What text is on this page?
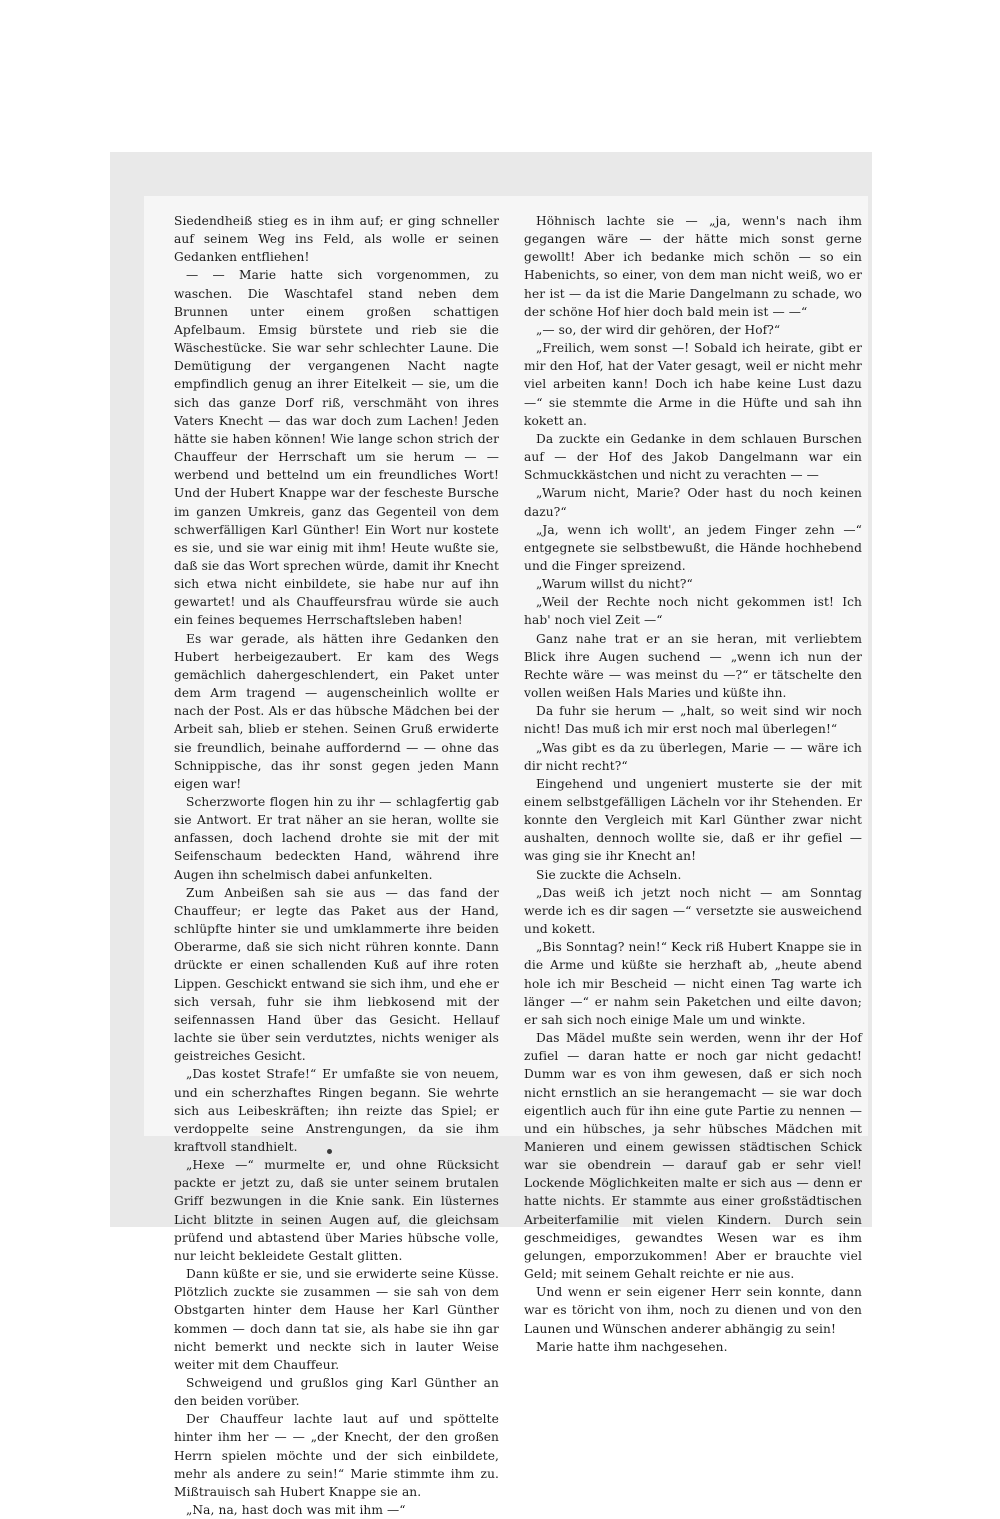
Siedendheiß stieg es in ihm auf; er ging schneller auf seinem Weg ins Feld, als wolle er seinen Gedanken entfliehen!

— — Marie hatte sich vorgenommen, zu waschen. Die Waschtafel stand neben dem Brunnen unter einem großen schattigen Apfelbaum. Emsig bürstete und rieb sie die Wäschestücke. Sie war sehr schlechter Laune. Die Demütigung der vergangenen Nacht nagte empfindlich genug an ihrer Eitelkeit — sie, um die sich das ganze Dorf riß, verschmäht von ihres Vaters Knecht — das war doch zum Lachen! Jeden hätte sie haben können! Wie lange schon strich der Chauffeur der Herrschaft um sie herum — — werbend und bettelnd um ein freundliches Wort! Und der Hubert Knappe war der fescheste Bursche im ganzen Umkreis, ganz das Gegenteil von dem schwerfälligen Karl Günther! Ein Wort nur kostete es sie, und sie war einig mit ihm! Heute wußte sie, daß sie das Wort sprechen würde, damit ihr Knecht sich etwa nicht einbildete, sie habe nur auf ihn gewartet! und als Chauffeursfrau würde sie auch ein feines bequemes Herrschaftsleben haben!

Es war gerade, als hätten ihre Gedanken den Hubert herbeigezaubert. Er kam des Wegs gemächlich dahergeschlendert, ein Paket unter dem Arm tragend — augenscheinlich wollte er nach der Post. Als er das hübsche Mädchen bei der Arbeit sah, blieb er stehen. Seinen Gruß erwiderte sie freundlich, beinahe auffordernd — — ohne das Schnippische, das ihr sonst gegen jeden Mann eigen war!

Scherzworte flogen hin zu ihr — schlagfertig gab sie Antwort. Er trat näher an sie heran, wollte sie anfassen, doch lachend drohte sie mit der mit Seifenschaum bedeckten Hand, während ihre Augen ihn schelmisch dabei anfunkelten.

Zum Anbeißen sah sie aus — das fand der Chauffeur; er legte das Paket aus der Hand, schlüpfte hinter sie und umklammerte ihre beiden Oberarme, daß sie sich nicht rühren konnte. Dann drückte er einen schallenden Kuß auf ihre roten Lippen. Geschickt entwand sie sich ihm, und ehe er sich versah, fuhr sie ihm liebkosend mit der seifennassen Hand über das Gesicht. Hellauf lachte sie über sein verdutztes, nichts weniger als geistreiches Gesicht.

„Das kostet Strafe!“ Er umfaßte sie von neuem, und ein scherzhaftes Ringen begann. Sie wehrte sich aus Leibeskräften; ihn reizte das Spiel; er verdoppelte seine Anstrengungen, da sie ihm kraftvoll standhielt.

„Hexe —“ murmelte er, und ohne Rücksicht packte er jetzt zu, daß sie unter seinem brutalen Griff bezwungen in die Knie sank. Ein lüsternes Licht blitzte in seinen Augen auf, die gleichsam prüfend und abtastend über Maries hübsche volle, nur leicht bekleidete Gestalt glitten.

Dann küßte er sie, und sie erwiderte seine Küsse. Plötzlich zuckte sie zusammen — sie sah von dem Obstgarten hinter dem Hause her Karl Günther kommen — doch dann tat sie, als habe sie ihn gar nicht bemerkt und neckte sich in lauter Weise weiter mit dem Chauffeur.

Schweigend und grußlos ging Karl Günther an den beiden vorüber.

Der Chauffeur lachte laut auf und spöttelte hinter ihm her — — „der Knecht, der den großen Herrn spielen möchte und der sich einbildete, mehr als andere zu sein!“ Marie stimmte ihm zu. Mißtrauisch sah Hubert Knappe sie an.

„Na, na, hast doch was mit ihm —“

Höhnisch lachte sie — „ja, wenn's nach ihm gegangen wäre — der hätte mich sonst gerne gewollt! Aber ich bedanke mich schön — so ein Habenichts, so einer, von dem man nicht weiß, wo er her ist — da ist die Marie Dangelmann zu schade, wo der schöne Hof hier doch bald mein ist — —“

„— so, der wird dir gehören, der Hof?“

„Freilich, wem sonst —! Sobald ich heirate, gibt er mir den Hof, hat der Vater gesagt, weil er nicht mehr viel arbeiten kann! Doch ich habe keine Lust dazu —“ sie stemmte die Arme in die Hüfte und sah ihn kokett an.

Da zuckte ein Gedanke in dem schlauen Burschen auf — der Hof des Jakob Dangelmann war ein Schmuckkästchen und nicht zu verachten — —

„Warum nicht, Marie? Oder hast du noch keinen dazu?“

„Ja, wenn ich wollt', an jedem Finger zehn —“ entgegnete sie selbstbewußt, die Hände hochhebend und die Finger spreizend.

„Warum willst du nicht?“

„Weil der Rechte noch nicht gekommen ist! Ich hab' noch viel Zeit —“

Ganz nahe trat er an sie heran, mit verliebtem Blick ihre Augen suchend — „wenn ich nun der Rechte wäre — was meinst du —?“ er tätschelte den vollen weißen Hals Maries und küßte ihn.

Da fuhr sie herum — „halt, so weit sind wir noch nicht! Das muß ich mir erst noch mal überlegen!“

„Was gibt es da zu überlegen, Marie — — wäre ich dir nicht recht?“

Eingehend und ungeniert musterte sie der mit einem selbstgefälligen Lächeln vor ihr Stehenden. Er konnte den Vergleich mit Karl Günther zwar nicht aushalten, dennoch wollte sie, daß er ihr gefiel — was ging sie ihr Knecht an!

Sie zuckte die Achseln.

„Das weiß ich jetzt noch nicht — am Sonntag werde ich es dir sagen —“ versetzte sie ausweichend und kokett.

„Bis Sonntag? nein!“ Keck riß Hubert Knappe sie in die Arme und küßte sie herzhaft ab, „heute abend hole ich mir Bescheid — nicht einen Tag warte ich länger —“ er nahm sein Paketchen und eilte davon; er sah sich noch einige Male um und winkte.

Das Mädel mußte sein werden, wenn ihr der Hof zufiel — daran hatte er noch gar nicht gedacht! Dumm war es von ihm gewesen, daß er sich noch nicht ernstlich an sie herangemacht — sie war doch eigentlich auch für ihn eine gute Partie zu nennen — und ein hübsches, ja sehr hübsches Mädchen mit Manieren und einem gewissen städtischen Schick war sie obendrein — darauf gab er sehr viel! Lockende Möglichkeiten malte er sich aus — denn er hatte nichts. Er stammte aus einer großstädtischen Arbeiterfamilie mit vielen Kindern. Durch sein geschmeidiges, gewandtes Wesen war es ihm gelungen, emporzukommen! Aber er brauchte viel Geld; mit seinem Gehalt reichte er nie aus.

Und wenn er sein eigener Herr sein konnte, dann war es töricht von ihm, noch zu dienen und von den Launen und Wünschen anderer abhängig zu sein!

Marie hatte ihm nachgesehen.
